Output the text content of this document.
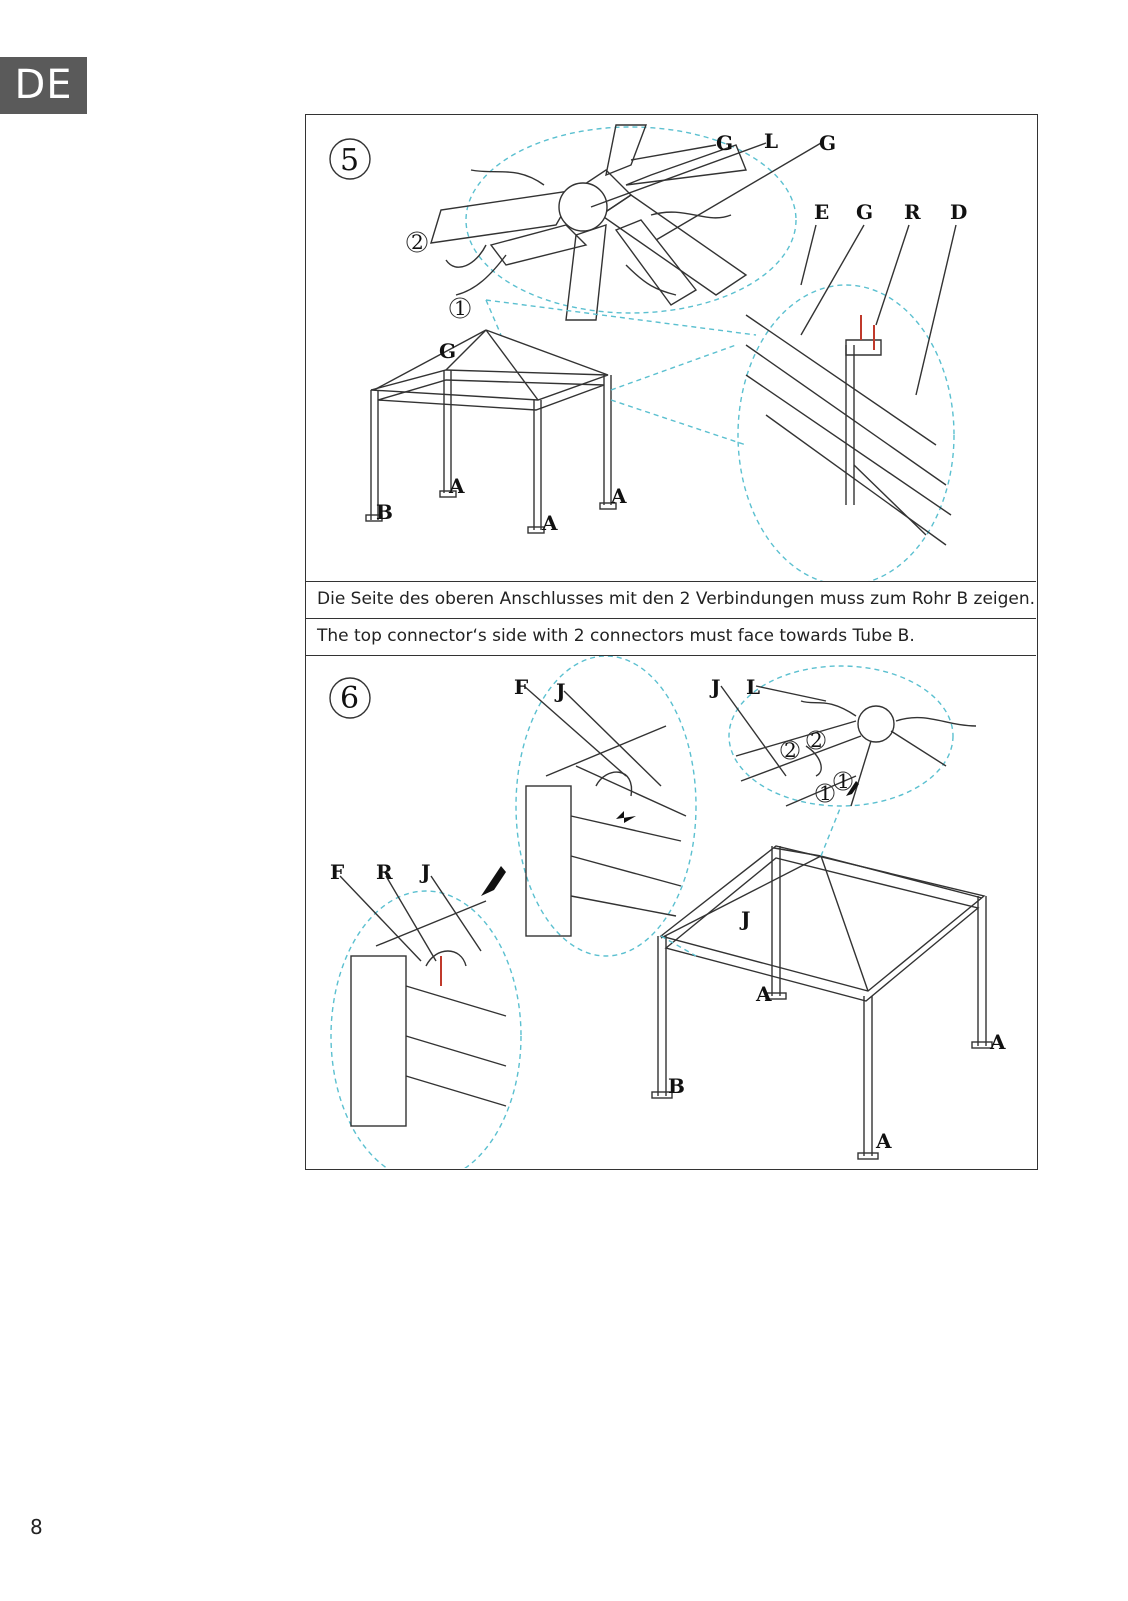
DE
5	G L G
E G R D
G
A	A
A
B
1
2
Die Seite des oberen Anschlusses mit den 2 Verbindungen muss zum Rohr B zeigen.
The top connector‘s side with 2 connectors must face towards Tube B.
6	F J	J L
F R J
J
A
A
A
B
1 1
2 2
8
